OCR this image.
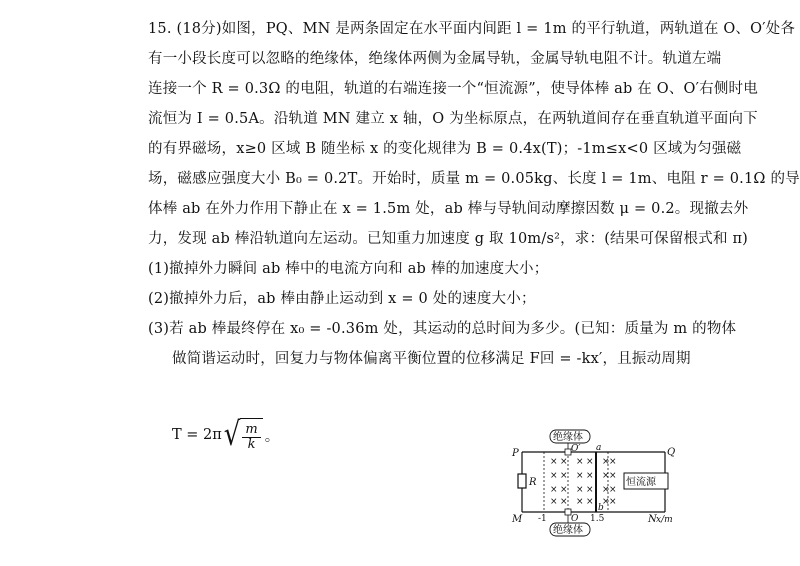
15. (18分)如图，PQ、MN 是两条固定在水平面内间距 l = 1m 的平行轨道，两轨道在 O、O′处各
有一小段长度可以忽略的绝缘体，绝缘体两侧为金属导轨，金属导轨电阻不计。轨道左端
连接一个 R = 0.3Ω 的电阻，轨道的右端连接一个“恒流源”，使导体棒 ab 在 O、O′右侧时电
流恒为 I = 0.5A。沿轨道 MN 建立 x 轴，O 为坐标原点，在两轨道间存在垂直轨道平面向下
的有界磁场，x≥0 区域 B 随坐标 x 的变化规律为 B = 0.4x(T)；-1m≤x<0 区域为匀强磁
场，磁感应强度大小 B₀ = 0.2T。开始时，质量 m = 0.05kg、长度 l = 1m、电阻 r = 0.1Ω 的导
体棒 ab 在外力作用下静止在 x = 1.5m 处，ab 棒与导轨间动摩擦因数 μ = 0.2。现撤去外
力，发现 ab 棒沿轨道向左运动。已知重力加速度 g 取 10m/s²，求：(结果可保留根式和 π)
(1)撤掉外力瞬间 ab 棒中的电流方向和 ab 棒的加速度大小；
(2)撤掉外力后，ab 棒由静止运动到 x = 0 处的速度大小；
(3)若 ab 棒最终停在 x₀ = -0.36m 处，其运动的总时间为多少。(已知：质量为 m 的物体
做简谐运动时，回复力与物体偏离平衡位置的位移满足 F回 = -kx′，且振动周期
T = 2π √ $\frac{m}{k}$ 。
R	恒流源
× × × × × ×
× × × × × ×
× × × × × ×
× × × × × ×
绝缘体
绝缘体
P	Q
M	N
O′
O
a
b
-1	1.5	x/m
